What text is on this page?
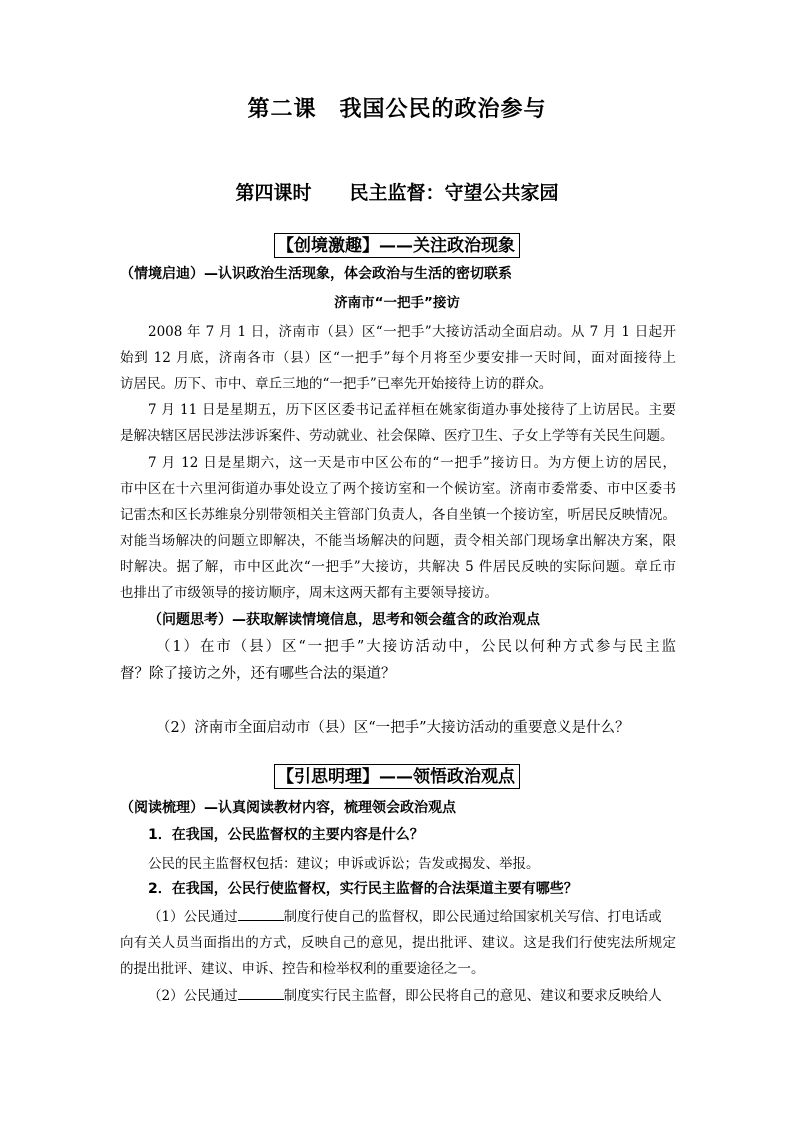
第二课　我国公民的政治参与
第四课时　　民主监督：守望公共家园
【创境激趣】——关注政治现象
（情境启迪）—认识政治生活现象，体会政治与生活的密切联系
济南市“一把手”接访
2008 年 7 月 1 日，济南市（县）区“一把手”大接访活动全面启动。从 7 月 1 日起开
始到 12 月底，济南各市（县）区“一把手”每个月将至少要安排一天时间，面对面接待上
访居民。历下、市中、章丘三地的“一把手”已率先开始接待上访的群众。
7 月 11 日是星期五，历下区区委书记孟祥桓在姚家街道办事处接待了上访居民。主要
是解决辖区居民涉法涉诉案件、劳动就业、社会保障、医疗卫生、子女上学等有关民生问题。
7 月 12 日是星期六，这一天是市中区公布的“一把手”接访日。为方便上访的居民，
市中区在十六里河街道办事处设立了两个接访室和一个候访室。济南市委常委、市中区委书
记雷杰和区长苏维泉分别带领相关主管部门负责人，各自坐镇一个接访室，听居民反映情况。
对能当场解决的问题立即解决，不能当场解决的问题，责令相关部门现场拿出解决方案，限
时解决。据了解，市中区此次“一把手”大接访，共解决 5 件居民反映的实际问题。章丘市
也排出了市级领导的接访顺序，周末这两天都有主要领导接访。
（问题思考）—获取解读情境信息，思考和领会蕴含的政治观点
（1）在市（县）区“一把手”大接访活动中，公民以何种方式参与民主监
督？除了接访之外，还有哪些合法的渠道？
（2）济南市全面启动市（县）区“一把手”大接访活动的重要意义是什么？
【引思明理】——领悟政治观点
（阅读梳理）—认真阅读教材内容，梳理领会政治观点
1．在我国，公民监督权的主要内容是什么？
公民的民主监督权包括：建议；申诉或诉讼；告发或揭发、举报。
2．在我国，公民行使监督权，实行民主监督的合法渠道主要有哪些？
（1）公民通过	制度行使自己的监督权，即公民通过给国家机关写信、打电话或
向有关人员当面指出的方式，反映自己的意见，提出批评、建议。这是我们行使宪法所规定
的提出批评、建议、申诉、控告和检举权利的重要途径之一。
（2）公民通过	制度实行民主监督，即公民将自己的意见、建议和要求反映给人
